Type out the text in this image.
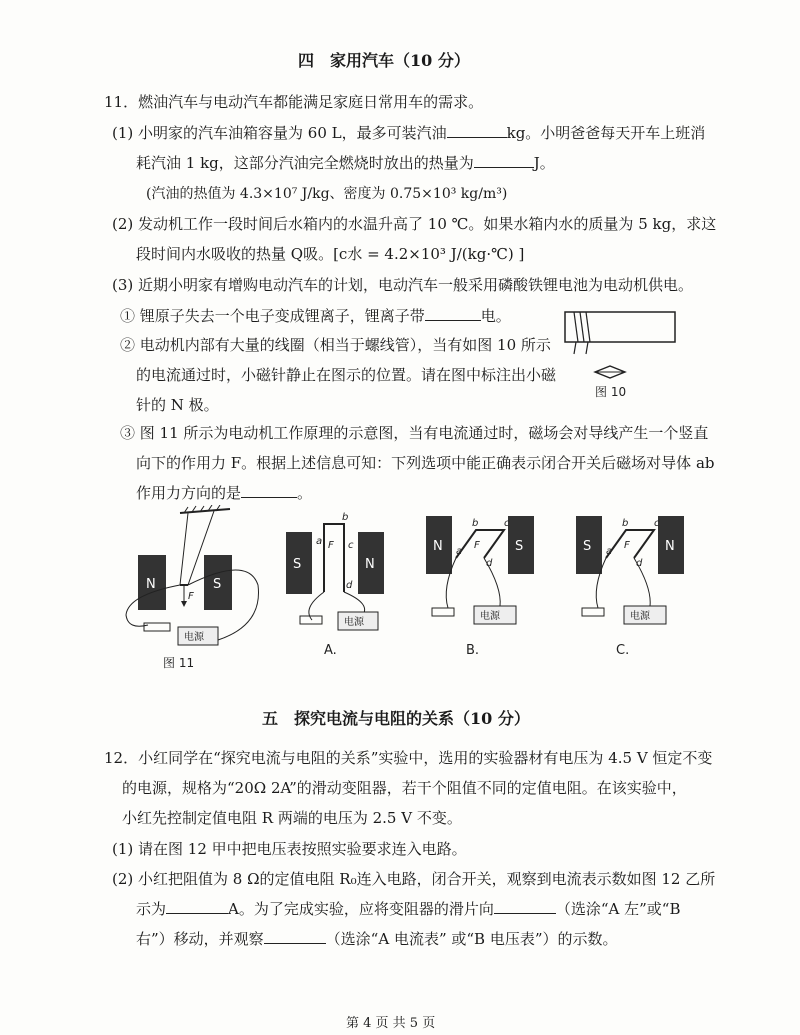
四　家用汽车（10 分）
11．燃油汽车与电动汽车都能满足家庭日常用车的需求。
(1) 小明家的汽车油箱容量为 60 L，最多可装汽油	kg。小明爸爸每天开车上班消
耗汽油 1 kg，这部分汽油完全燃烧时放出的热量为	J。
(汽油的热值为 4.3×10⁷ J/kg、密度为 0.75×10³ kg/m³)
(2) 发动机工作一段时间后水箱内的水温升高了 10 ℃。如果水箱内水的质量为 5 kg，求这
段时间内水吸收的热量 Q吸。[c水 = 4.2×10³ J/(kg·℃) ]
(3) 近期小明家有增购电动汽车的计划，电动汽车一般采用磷酸铁锂电池为电动机供电。
① 锂原子失去一个电子变成锂离子，锂离子带	电。
② 电动机内部有大量的线圈（相当于螺线管），当有如图 10 所示
的电流通过时，小磁针静止在图示的位置。请在图中标注出小磁
针的 N 极。
图 10
③ 图 11 所示为电动机工作原理的示意图，当有电流通过时，磁场会对导线产生一个竖直
向下的作用力 F。根据上述信息可知：下列选项中能正确表示闭合开关后磁场对导体 ab
作用力方向的是	。
N	S
F
电源
图 11
S	N
a
b
c
d
F
电源
A.
N	S
a
b	c
d
F
电源
B.
S	N
a
b	c
d
F
电源
C.
五　探究电流与电阻的关系（10 分）
12．小红同学在“探究电流与电阻的关系”实验中，选用的实验器材有电压为 4.5 V 恒定不变
的电源，规格为“20Ω 2A”的滑动变阻器，若干个阻值不同的定值电阻。在该实验中，
小红先控制定值电阻 R 两端的电压为 2.5 V 不变。
(1) 请在图 12 甲中把电压表按照实验要求连入电路。
(2) 小红把阻值为 8 Ω的定值电阻 R₀连入电路，闭合开关，观察到电流表示数如图 12 乙所
示为	A。为了完成实验，应将变阻器的滑片向	（选涂“A 左”或“B
右”）移动，并观察	（选涂“A 电流表” 或“B 电压表”）的示数。
第 4 页 共 5 页
